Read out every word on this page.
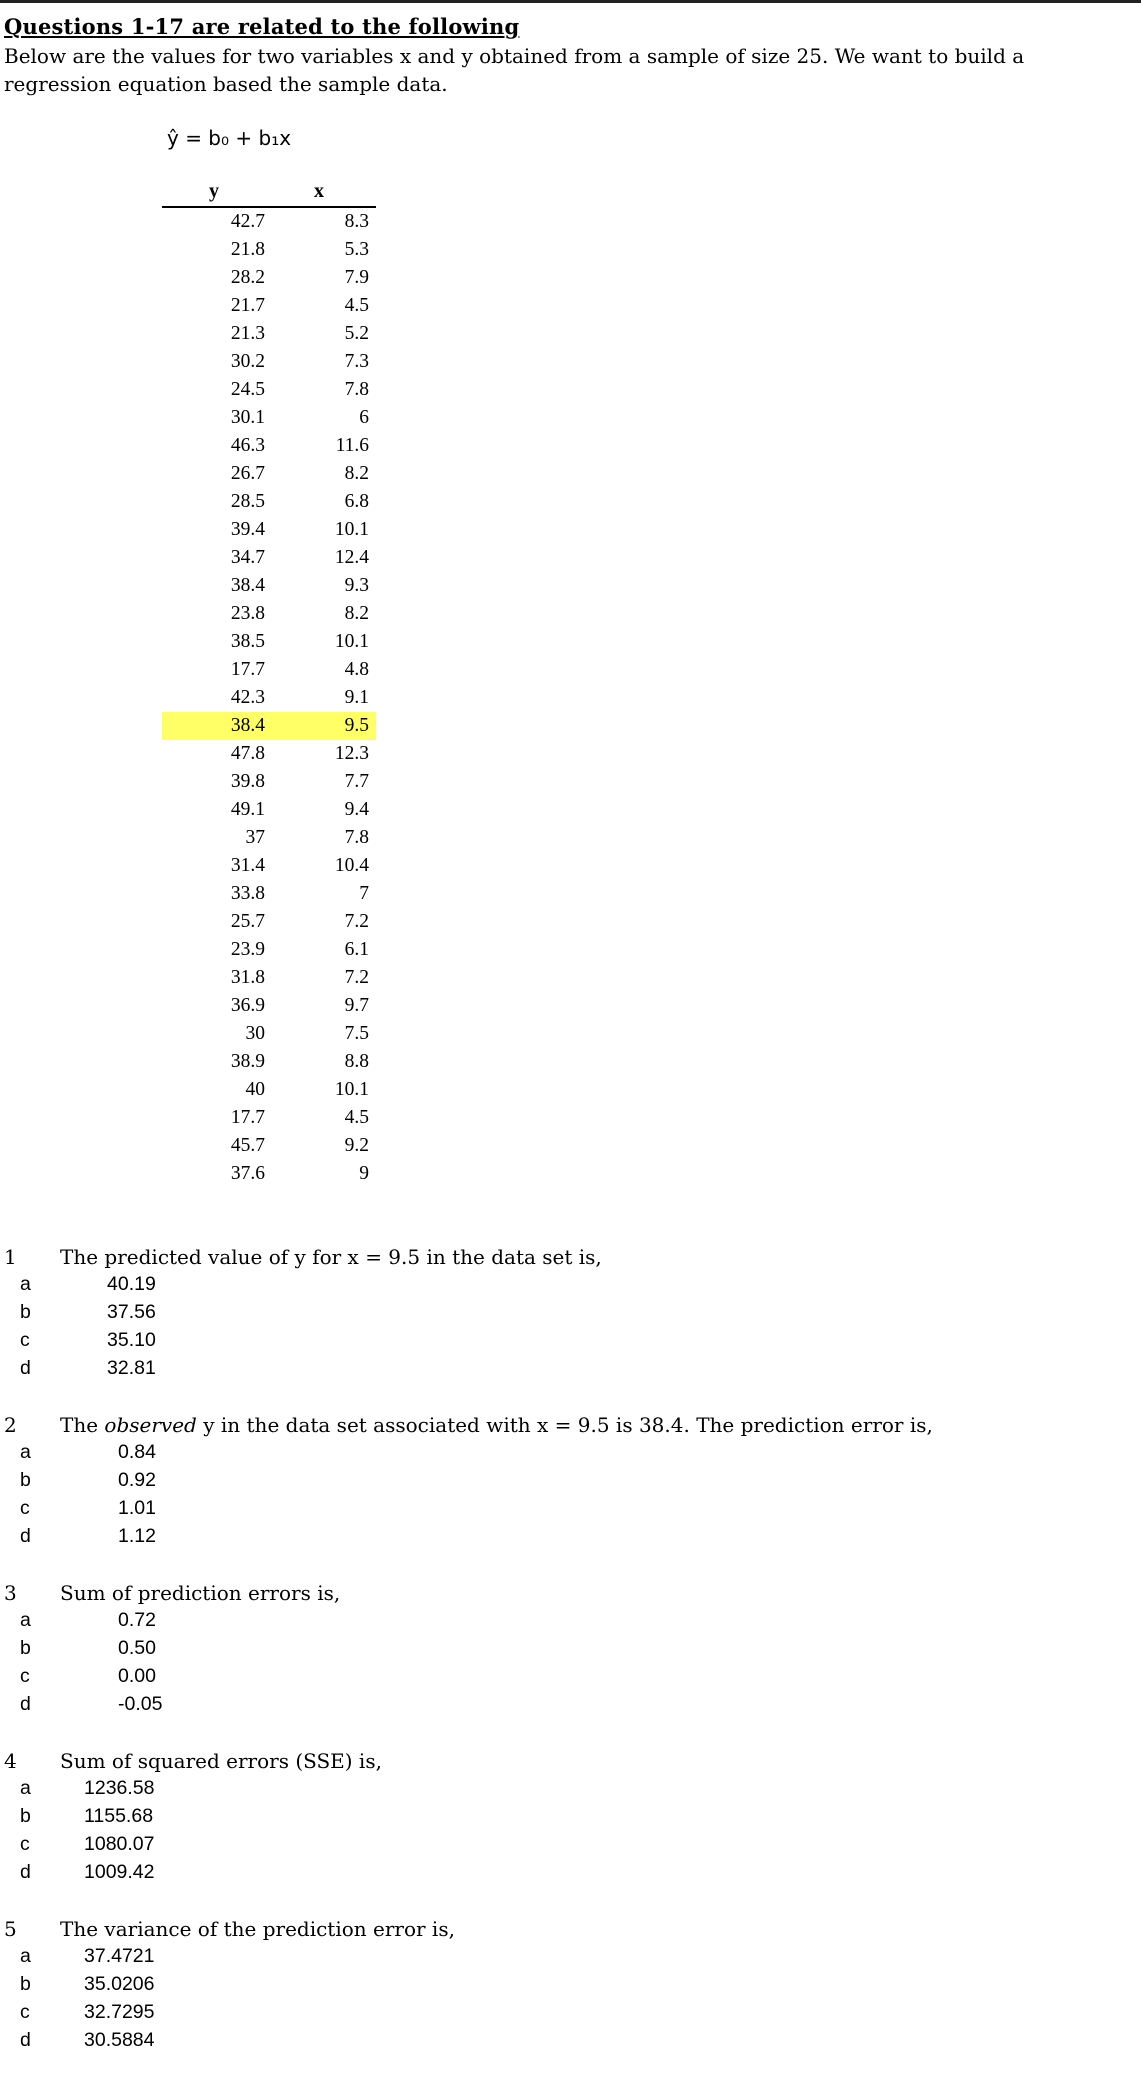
Questions 1-17 are related to the following
Below are the values for two variables x and y obtained from a sample of size 25. We want to build a regression equation based the sample data.
ŷ = b₀ + b₁x
y	x
42.7	8.3
21.8	5.3
28.2	7.9
21.7	4.5
21.3	5.2
30.2	7.3
24.5	7.8
30.1	6
46.3	11.6
26.7	8.2
28.5	6.8
39.4	10.1
34.7	12.4
38.4	9.3
23.8	8.2
38.5	10.1
17.7	4.8
42.3	9.1
38.4	9.5
47.8	12.3
39.8	7.7
49.1	9.4
37	7.8
31.4	10.4
33.8	7
25.7	7.2
23.9	6.1
31.8	7.2
36.9	9.7
30	7.5
38.9	8.8
40	10.1
17.7	4.5
45.7	9.2
37.6	9
1 The predicted value of y for x = 9.5 in the data set is,
a	40.19
b	37.56
c	35.10
d	32.81
2 The observed y in the data set associated with x = 9.5 is 38.4. The prediction error is,
a	0.84
b	0.92
c	1.01
d	1.12
3 Sum of prediction errors is,
a	0.72
b	0.50
c	0.00
d	-0.05
4 Sum of squared errors (SSE) is,
a	1236.58
b	1155.68
c	1080.07
d	1009.42
5 The variance of the prediction error is,
a	37.4721
b	35.0206
c	32.7295
d	30.5884
